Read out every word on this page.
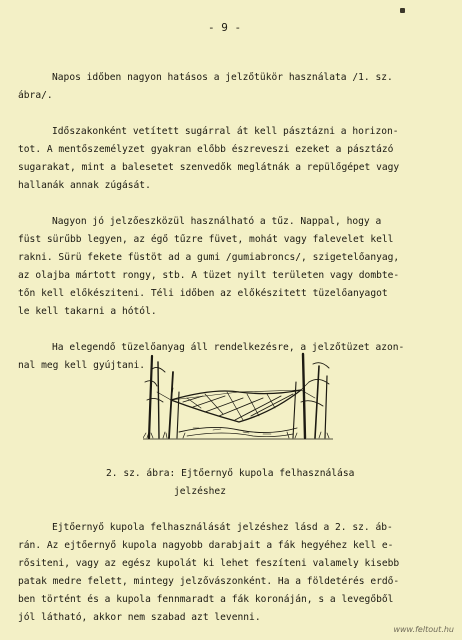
- 9 -
Napos időben nagyon hatásos a jelzőtükör használata /1. sz.
ábra/.
Időszakonként vetített sugárral át kell pásztázni a horizon-
tot. A mentőszemélyzet gyakran előbb észreveszi ezeket a pásztázó
sugarakat, mint a balesetet szenvedők meglátnák a repülőgépet vagy
hallanák annak zúgását.
Nagyon jó jelzőeszközül használható a tűz. Nappal, hogy a
füst sürűbb legyen, az égő tűzre füvet, mohát vagy falevelet kell
rakni. Sürü fekete füstöt ad a gumi /gumiabroncs/, szigetelőanyag,
az olajba mártott rongy, stb. A tüzet nyilt területen vagy dombte-
tőn kell előkésziteni. Téli időben az előkészitett tüzelőanyagot
le kell takarni a hótól.
Ha elegendő tüzelőanyag áll rendelkezésre, a jelzőtüzet azon-
nal meg kell gyújtani.
2. sz. ábra: Ejtőernyő kupola felhasználása
jelzéshez
Ejtőernyő kupola felhasználását jelzéshez lásd a 2. sz. áb-
rán. Az ejtőernyő kupola nagyobb darabjait a fák hegyéhez kell e-
rősiteni, vagy az egész kupolát ki lehet feszíteni valamely kisebb
patak medre felett, mintegy jelzővászonként. Ha a földetérés erdő-
ben történt és a kupola fennmaradt a fák koronáján, s a levegőből
jól látható, akkor nem szabad azt levenni.
www.feltout.hu
